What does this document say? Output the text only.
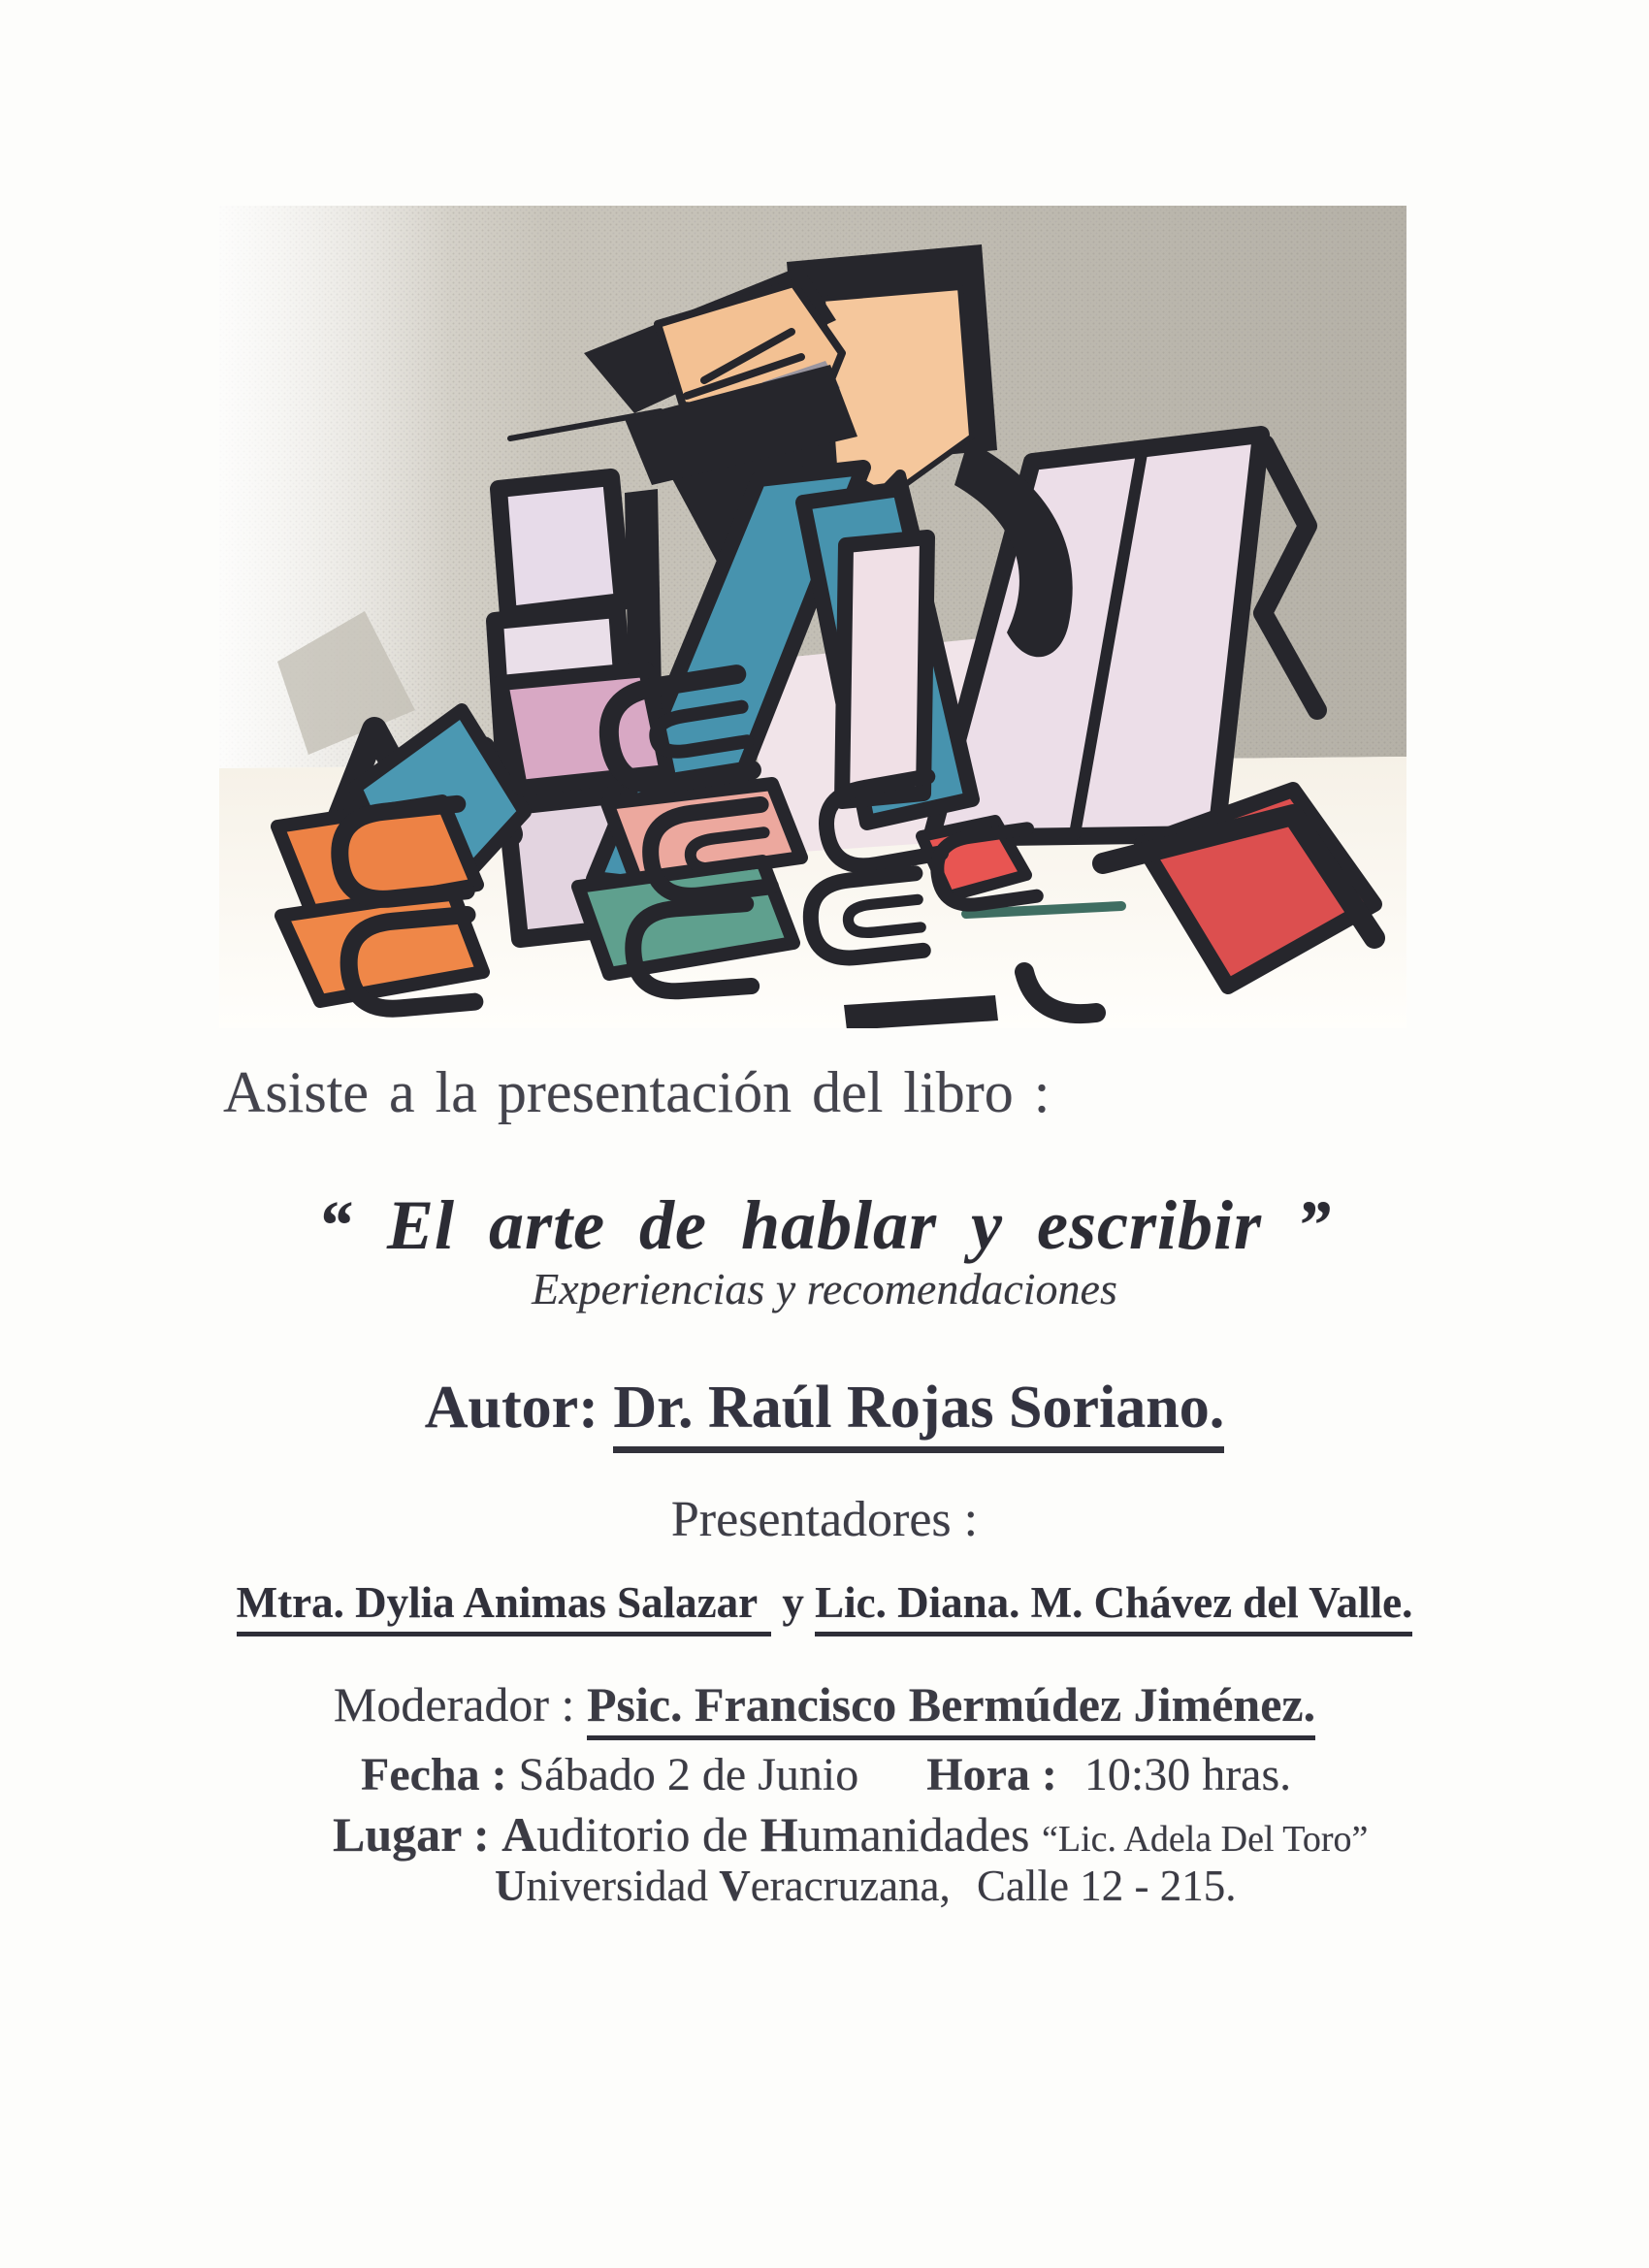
Asiste a la presentación del libro :
“ El arte de hablar y escribir ”
Experiencias y recomendaciones
Autor: Dr. Raúl Rojas Soriano.
Presentadores :
Mtra. Dylia Animas Salazar y Lic. Diana. M. Chávez del Valle.
Moderador : Psic. Francisco Bermúdez Jiménez.
Fecha : Sábado 2 de Junio Hora : 10:30 hras.
Lugar : Auditorio de Humanidades “Lic. Adela Del Toro”
Universidad Veracruzana, Calle 12 - 215.
